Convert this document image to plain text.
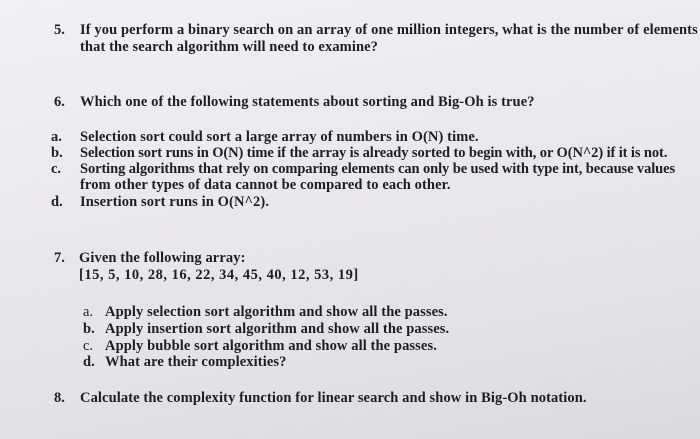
5. If you perform a binary search on an array of one million integers, what is the number of elements
that the search algorithm will need to examine?
6. Which one of the following statements about sorting and Big-Oh is true?
a. Selection sort could sort a large array of numbers in O(N) time.
b. Selection sort runs in O(N) time if the array is already sorted to begin with, or O(N^2) if it is not.
c. Sorting algorithms that rely on comparing elements can only be used with type int, because values
from other types of data cannot be compared to each other.
d. Insertion sort runs in O(N^2).
7. Given the following array:
[15, 5, 10, 28, 16, 22, 34, 45, 40, 12, 53, 19]
a. Apply selection sort algorithm and show all the passes.
b. Apply insertion sort algorithm and show all the passes.
c. Apply bubble sort algorithm and show all the passes.
d. What are their complexities?
8. Calculate the complexity function for linear search and show in Big-Oh notation.
